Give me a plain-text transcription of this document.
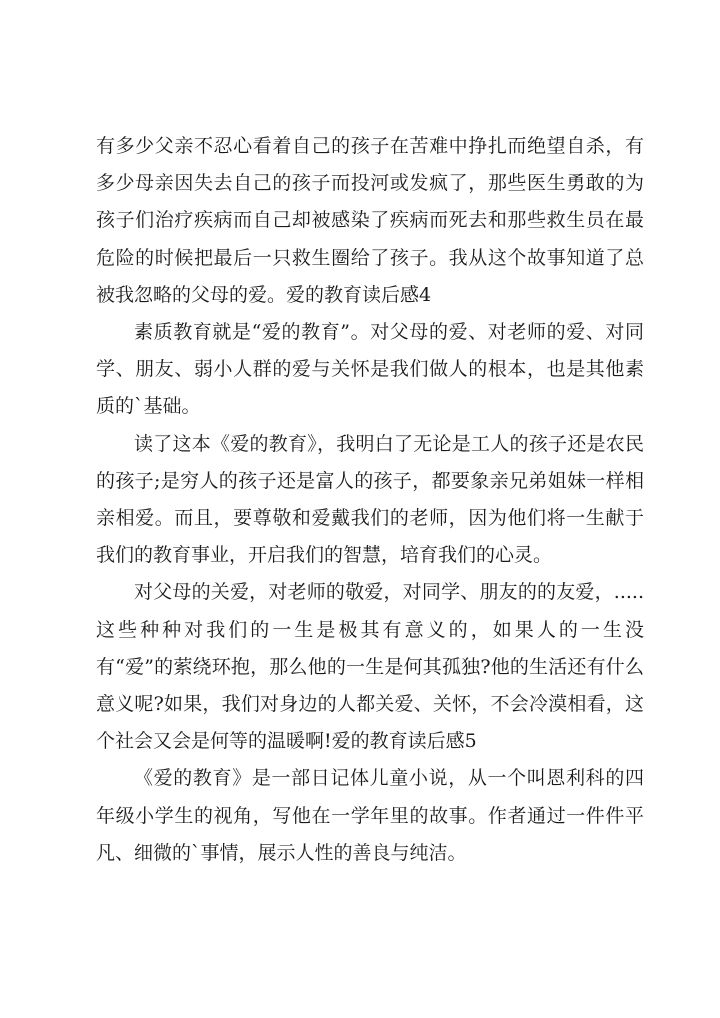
有多少父亲不忍心看着自己的孩子在苦难中挣扎而绝望自杀，有多少母亲因失去自己的孩子而投河或发疯了，那些医生勇敢的为孩子们治疗疾病而自己却被感染了疾病而死去和那些救生员在最危险的时候把最后一只救生圈给了孩子。我从这个故事知道了总被我忽略的父母的爱。爱的教育读后感4

素质教育就是“爱的教育”。对父母的爱、对老师的爱、对同学、朋友、弱小人群的爱与关怀是我们做人的根本，也是其他素质的`基础。

读了这本《爱的教育》，我明白了无论是工人的孩子还是农民的孩子;是穷人的孩子还是富人的孩子，都要象亲兄弟姐妹一样相亲相爱。而且，要尊敬和爱戴我们的老师，因为他们将一生献于我们的教育事业，开启我们的智慧，培育我们的心灵。

对父母的关爱，对老师的敬爱，对同学、朋友的的友爱，.....这些种种对我们的一生是极其有意义的，如果人的一生没有“爱”的萦绕环抱，那么他的一生是何其孤独?他的生活还有什么意义呢?如果，我们对身边的人都关爱、关怀，不会冷漠相看，这个社会又会是何等的温暖啊!爱的教育读后感5

《爱的教育》是一部日记体儿童小说，从一个叫恩利科的四年级小学生的视角，写他在一学年里的故事。作者通过一件件平凡、细微的`事情，展示人性的善良与纯洁。
